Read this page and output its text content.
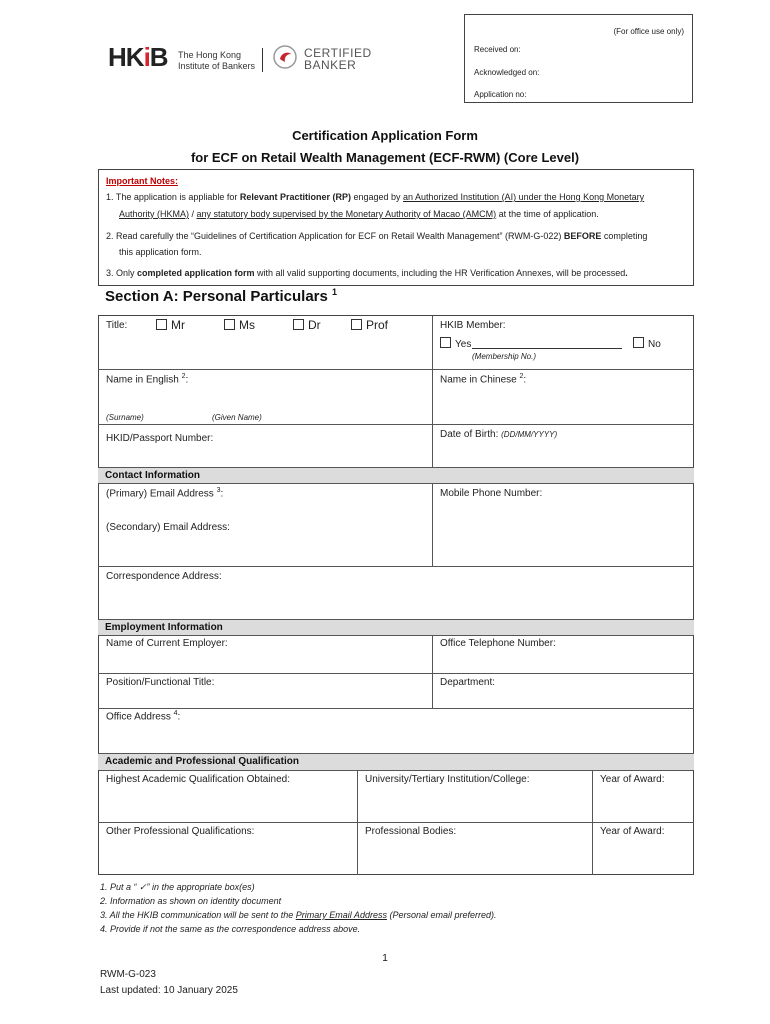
HKiB The Hong Kong
Institute of Bankers
CERTIFIED
BANKER
(For office use only)
Received on:
Acknowledged on:
Application no:
Certification Application Form
for ECF on Retail Wealth Management (ECF-RWM) (Core Level)
Important Notes:
1. The application is appliable for Relevant Practitioner (RP) engaged by an Authorized Institution (AI) under the Hong Kong Monetary
Authority (HKMA) / any statutory body supervised by the Monetary Authority of Macao (AMCM) at the time of application.
2. Read carefully the “Guidelines of Certification Application for ECF on Retail Wealth Management” (RWM-G-022) BEFORE completing
this application form.
3. Only completed application form with all valid supporting documents, including the HR Verification Annexes, will be processed.
Section A: Personal Particulars $^1$
Title:	Mr	Ms	Dr	Prof	HKIB Member:
Yes	No
(Membership No.)
Name in English $^2$:	Name in Chinese $^2$:
(Surname)	(Given Name)
HKID/Passport Number:	Date of Birth: (DD/MM/YYYY)
Contact Information
(Primary) Email Address $^3$:	Mobile Phone Number:
(Secondary) Email Address:
Correspondence Address:
Employment Information
Name of Current Employer:	Office Telephone Number:
Position/Functional Title:	Department:
Office Address $^4$:
Academic and Professional Qualification
Highest Academic Qualification Obtained:	University/Tertiary Institution/College:	Year of Award:
Other Professional Qualifications:	Professional Bodies:	Year of Award:
1. Put a “ ✓” in the appropriate box(es)
2. Information as shown on identity document
3. All the HKIB communication will be sent to the Primary Email Address (Personal email preferred).
4. Provide if not the same as the correspondence address above.
1
RWM-G-023
Last updated: 10 January 2025
